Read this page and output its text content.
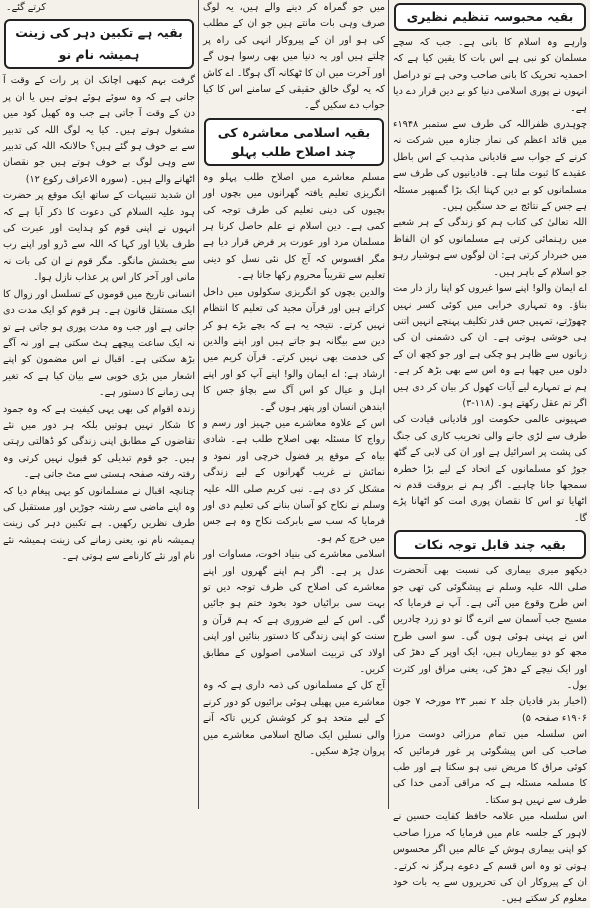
بقیہ محبوسہ تنظیم نظیری

وارہے وہ اسلام کا بانی ہے۔ جب کہ سچے مسلمان کو نبی ہے اس بات کا یقین کیا ہے کہ احمدیہ تحریک کا بانی صاحب وحی ہے تو دراصل انہوں نے پوری اسلامی دنیا کو بے دین قرار دے دیا ہے۔

چوہدری ظفراللہ کی طرف سے ستمبر ۱۹۴۸ء میں قائد اعظم کی نماز جنازہ میں شرکت نہ کرنے کے جواب سے قادیانی مذہب کے اس باطل عقیدے کا ثبوت ملتا ہے۔ قادیانیوں کی طرف سے مسلمانوں کو بے دین کہنا ایک بڑا گمبھیر مسئلہ ہے جس کے نتائج بے حد سنگین ہیں۔

اللہ تعالیٰ کی کتاب ہم کو زندگی کے ہر شعبے میں رہنمائی کرتی ہے مسلمانوں کو ان الفاظ میں خبردار کرتی ہے: ان لوگوں سے ہوشیار رہو جو اسلام کے باہر ہیں۔

اے ایمان والو! اپنے سوا غیروں کو اپنا راز دار مت بناؤ۔ وہ تمہاری خرابی میں کوئی کسر نہیں چھوڑتے، تمہیں جس قدر تکلیف پہنچے انہیں اتنی ہی خوشی ہوتی ہے۔ ان کی دشمنی ان کی زبانوں سے ظاہر ہو چکی ہے اور جو کچھ ان کے دلوں میں چھپا ہے وہ اس سے بھی بڑھ کر ہے۔ ہم نے تمہارے لیے آیات کھول کر بیان کر دی ہیں اگر تم عقل رکھتے ہو۔ (۱۱۸-۳)

صہیونی عالمی حکومت اور قادیانی قیادت کی طرف سے لڑی جانے والی تخریب کاری کی جنگ کی پشت پر اسرائیل ہے اور ان کی لابی کے گٹھ جوڑ کو مسلمانوں کے اتحاد کے لیے بڑا خطرہ سمجھا جانا چاہیے۔ اگر ہم نے بروقت قدم نہ اٹھایا تو اس کا نقصان پوری امت کو اٹھانا پڑے گا۔

بقیہ چند قابل توجہ نکات

دیکھو میری بیماری کی نسبت بھی آنحضرت صلی اللہ علیہ وسلم نے پیشگوئی کی تھی جو اس طرح وقوع میں آئی ہے۔ آپ نے فرمایا کہ مسیح جب آسمان سے اترے گا تو دو زرد چادریں اس نے پہنی ہوئی ہوں گی۔ سو اسی طرح مجھ کو دو بیماریاں ہیں، ایک اوپر کے دھڑ کی اور ایک نیچے کے دھڑ کی، یعنی مراق اور کثرت بول۔

(اخبار بدر قادیان جلد ۲ نمبر ۲۳ مورخہ ۷ جون ۱۹۰۶ء صفحہ ۵)

اس سلسلہ میں تمام مرزائی دوست مرزا صاحب کی اس پیشگوئی پر غور فرمائیں کہ کوئی مراق کا مریض نبی ہو سکتا ہے اور طب کا مسلمہ مسئلہ ہے کہ مراقی آدمی خدا کی طرف سے نہیں ہو سکتا۔

اس سلسلہ میں علامہ حافظ کفایت حسین نے لاہور کے جلسہ عام میں فرمایا کہ مرزا صاحب کو اپنی بیماری ہوش کے عالم میں اگر محسوس ہوتی تو وہ اس قسم کے دعوے ہرگز نہ کرتے۔ ان کے پیروکار ان کی تحریروں سے یہ بات خود معلوم کر سکتے ہیں۔

میں جو گمراہ کر دینے والے ہیں، یہ لوگ صرف وہی بات مانتے ہیں جو ان کے مطلب کی ہو اور ان کے پیروکار انہی کی راہ پر چلتے ہیں اور یہ دنیا میں بھی رسوا ہوں گے اور آخرت میں ان کا ٹھکانہ آگ ہوگا۔ اے کاش کہ یہ لوگ خالق حقیقی کے سامنے اس کا کیا جواب دے سکیں گے۔

بقیہ اسلامی معاشرہ کی چند اصلاح طلب پہلو

مسلم معاشرے میں اصلاح طلب پہلو وہ انگریزی تعلیم یافتہ گھرانوں میں بچوں اور بچیوں کی دینی تعلیم کی طرف توجہ کی کمی ہے۔ دین اسلام نے علم حاصل کرنا ہر مسلمان مرد اور عورت پر فرض قرار دیا ہے مگر افسوس کہ آج کل نئی نسل کو دینی تعلیم سے تقریباً محروم رکھا جاتا ہے۔

والدین بچوں کو انگریزی سکولوں میں داخل کراتے ہیں اور قرآن مجید کی تعلیم کا انتظام نہیں کرتے۔ نتیجہ یہ ہے کہ بچے بڑے ہو کر دین سے بیگانہ ہو جاتے ہیں اور اپنے والدین کی خدمت بھی نہیں کرتے۔ قرآن کریم میں ارشاد ہے: اے ایمان والو! اپنے آپ کو اور اپنے اہل و عیال کو اس آگ سے بچاؤ جس کا ایندھن انسان اور پتھر ہوں گے۔

اس کے علاوہ معاشرے میں جہیز اور رسم و رواج کا مسئلہ بھی اصلاح طلب ہے۔ شادی بیاہ کے موقع پر فضول خرچی اور نمود و نمائش نے غریب گھرانوں کے لیے زندگی مشکل کر دی ہے۔ نبی کریم صلی اللہ علیہ وسلم نے نکاح کو آسان بنانے کی تعلیم دی اور فرمایا کہ سب سے بابرکت نکاح وہ ہے جس میں خرچ کم ہو۔

اسلامی معاشرے کی بنیاد اخوت، مساوات اور عدل پر ہے۔ اگر ہم اپنے گھروں اور اپنے معاشرے کی اصلاح کی طرف توجہ دیں تو بہت سی برائیاں خود بخود ختم ہو جائیں گی۔ اس کے لیے ضروری ہے کہ ہم قرآن و سنت کو اپنی زندگی کا دستور بنائیں اور اپنی اولاد کی تربیت اسلامی اصولوں کے مطابق کریں۔

آج کل کے مسلمانوں کی ذمہ داری ہے کہ وہ معاشرے میں پھیلی ہوئی برائیوں کو دور کرنے کے لیے متحد ہو کر کوشش کریں تاکہ آنے والی نسلیں ایک صالح اسلامی معاشرے میں پروان چڑھ سکیں۔

کرتے گئے۔

بقیہ ہے تکبین دہر کی زینت ہمیشہ نام نو

گرفت بہم کبھی اچانک ان پر رات کے وقت آ جاتی ہے کہ وہ سوئے ہوئے ہوتے ہیں یا ان پر دن کے وقت آ جاتی ہے جب وہ کھیل کود میں مشغول ہوتے ہیں۔ کیا یہ لوگ اللہ کی تدبیر سے بے خوف ہو گئے ہیں؟ حالانکہ اللہ کی تدبیر سے وہی لوگ بے خوف ہوتے ہیں جو نقصان اٹھانے والے ہیں۔ (سورہ الاعراف رکوع ۱۲)

ان شدید تنبیہات کے ساتھ ایک موقع پر حضرت ہود علیہ السلام کی دعوت کا ذکر آیا ہے کہ انہوں نے اپنی قوم کو ہدایت اور عبرت کی طرف بلایا اور کہا کہ اللہ سے ڈرو اور اپنے رب سے بخشش مانگو۔ مگر قوم نے ان کی بات نہ مانی اور آخر کار اس پر عذاب نازل ہوا۔

انسانی تاریخ میں قوموں کے تسلسل اور زوال کا ایک مستقل قانون ہے۔ ہر قوم کو ایک مدت دی جاتی ہے اور جب وہ مدت پوری ہو جاتی ہے تو نہ ایک ساعت پیچھے ہٹ سکتی ہے اور نہ آگے بڑھ سکتی ہے۔ اقبال نے اس مضمون کو اپنے اشعار میں بڑی خوبی سے بیان کیا ہے کہ تغیر ہی زمانے کا دستور ہے۔

زندہ اقوام کی بھی یہی کیفیت ہے کہ وہ جمود کا شکار نہیں ہوتیں بلکہ ہر دور میں نئے تقاضوں کے مطابق اپنی زندگی کو ڈھالتی رہتی ہیں۔ جو قوم تبدیلی کو قبول نہیں کرتی وہ رفتہ رفتہ صفحہ ہستی سے مٹ جاتی ہے۔

چنانچہ اقبال نے مسلمانوں کو یہی پیغام دیا کہ وہ اپنے ماضی سے رشتہ جوڑیں اور مستقبل کی طرف نظریں رکھیں۔ ہے تکبین دہر کی زینت ہمیشہ نام نو، یعنی زمانے کی زینت ہمیشہ نئے نام اور نئے کارنامے سے ہوتی ہے۔
